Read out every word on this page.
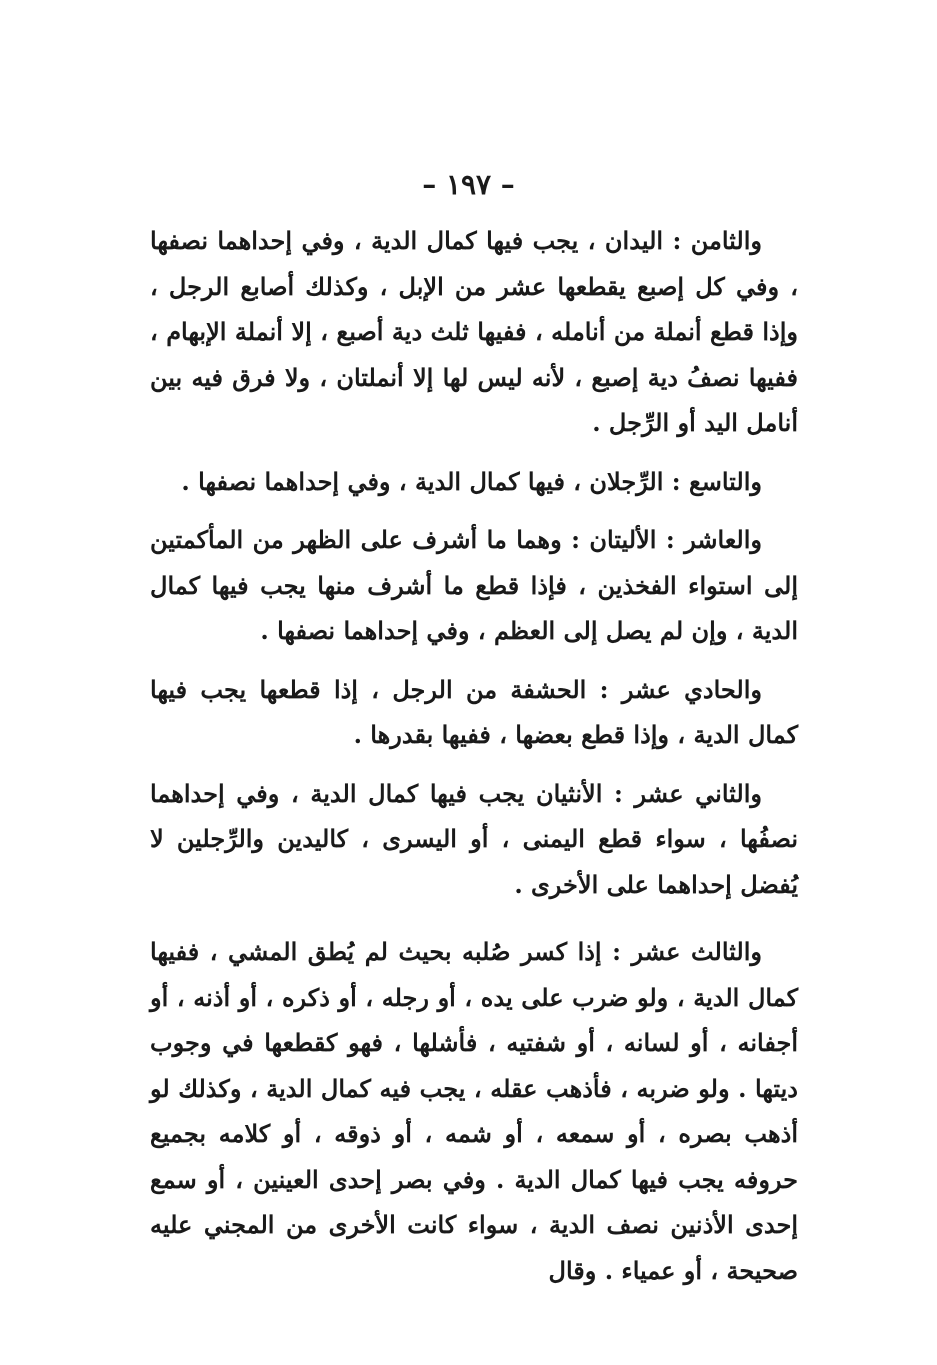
– ١٩٧ –

والثامن : اليدان ، يجب فيها كمال الدية ، وفي إحداهما نصفها ، وفي كل إصبع يقطعها عشر من الإبل ، وكذلك أصابع الرجل ، وإذا قطع أنملة من أنامله ، ففيها ثلث دية أصبع ، إلا أنملة الإبهام ، ففيها نصفُ دية إصبع ، لأنه ليس لها إلا أنملتان ، ولا فرق فيه بين أنامل اليد أو الرِّجل .

والتاسع : الرِّجلان ، فيها كمال الدية ، وفي إحداهما نصفها .

والعاشر : الأليتان : وهما ما أشرف على الظهر من المأكمتين إلى استواء الفخذين ، فإذا قطع ما أشرف منها يجب فيها كمال الدية ، وإن لم يصل إلى العظم ، وفي إحداهما نصفها .

والحادي عشر : الحشفة من الرجل ، إذا قطعها يجب فيها كمال الدية ، وإذا قطع بعضها ، ففيها بقدرها .

والثاني عشر : الأنثيان يجب فيها كمال الدية ، وفي إحداهما نصفُها ، سواء قطع اليمنى ، أو اليسرى ، كاليدين والرِّجلين لا يُفضل إحداهما على الأخرى .

والثالث عشر : إذا كسر صُلبه بحيث لم يُطق المشي ، ففيها كمال الدية ، ولو ضرب على يده ، أو رجله ، أو ذكره ، أو أذنه ، أو أجفانه ، أو لسانه ، أو شفتيه ، فأشلها ، فهو كقطعها في وجوب ديتها . ولو ضربه ، فأذهب عقله ، يجب فيه كمال الدية ، وكذلك لو أذهب بصره ، أو سمعه ، أو شمه ، أو ذوقه ، أو كلامه بجميع حروفه يجب فيها كمال الدية . وفي بصر إحدى العينين ، أو سمع إحدى الأذنين نصف الدية ، سواء كانت الأخرى من المجني عليه صحيحة ، أو عمياء . وقال
